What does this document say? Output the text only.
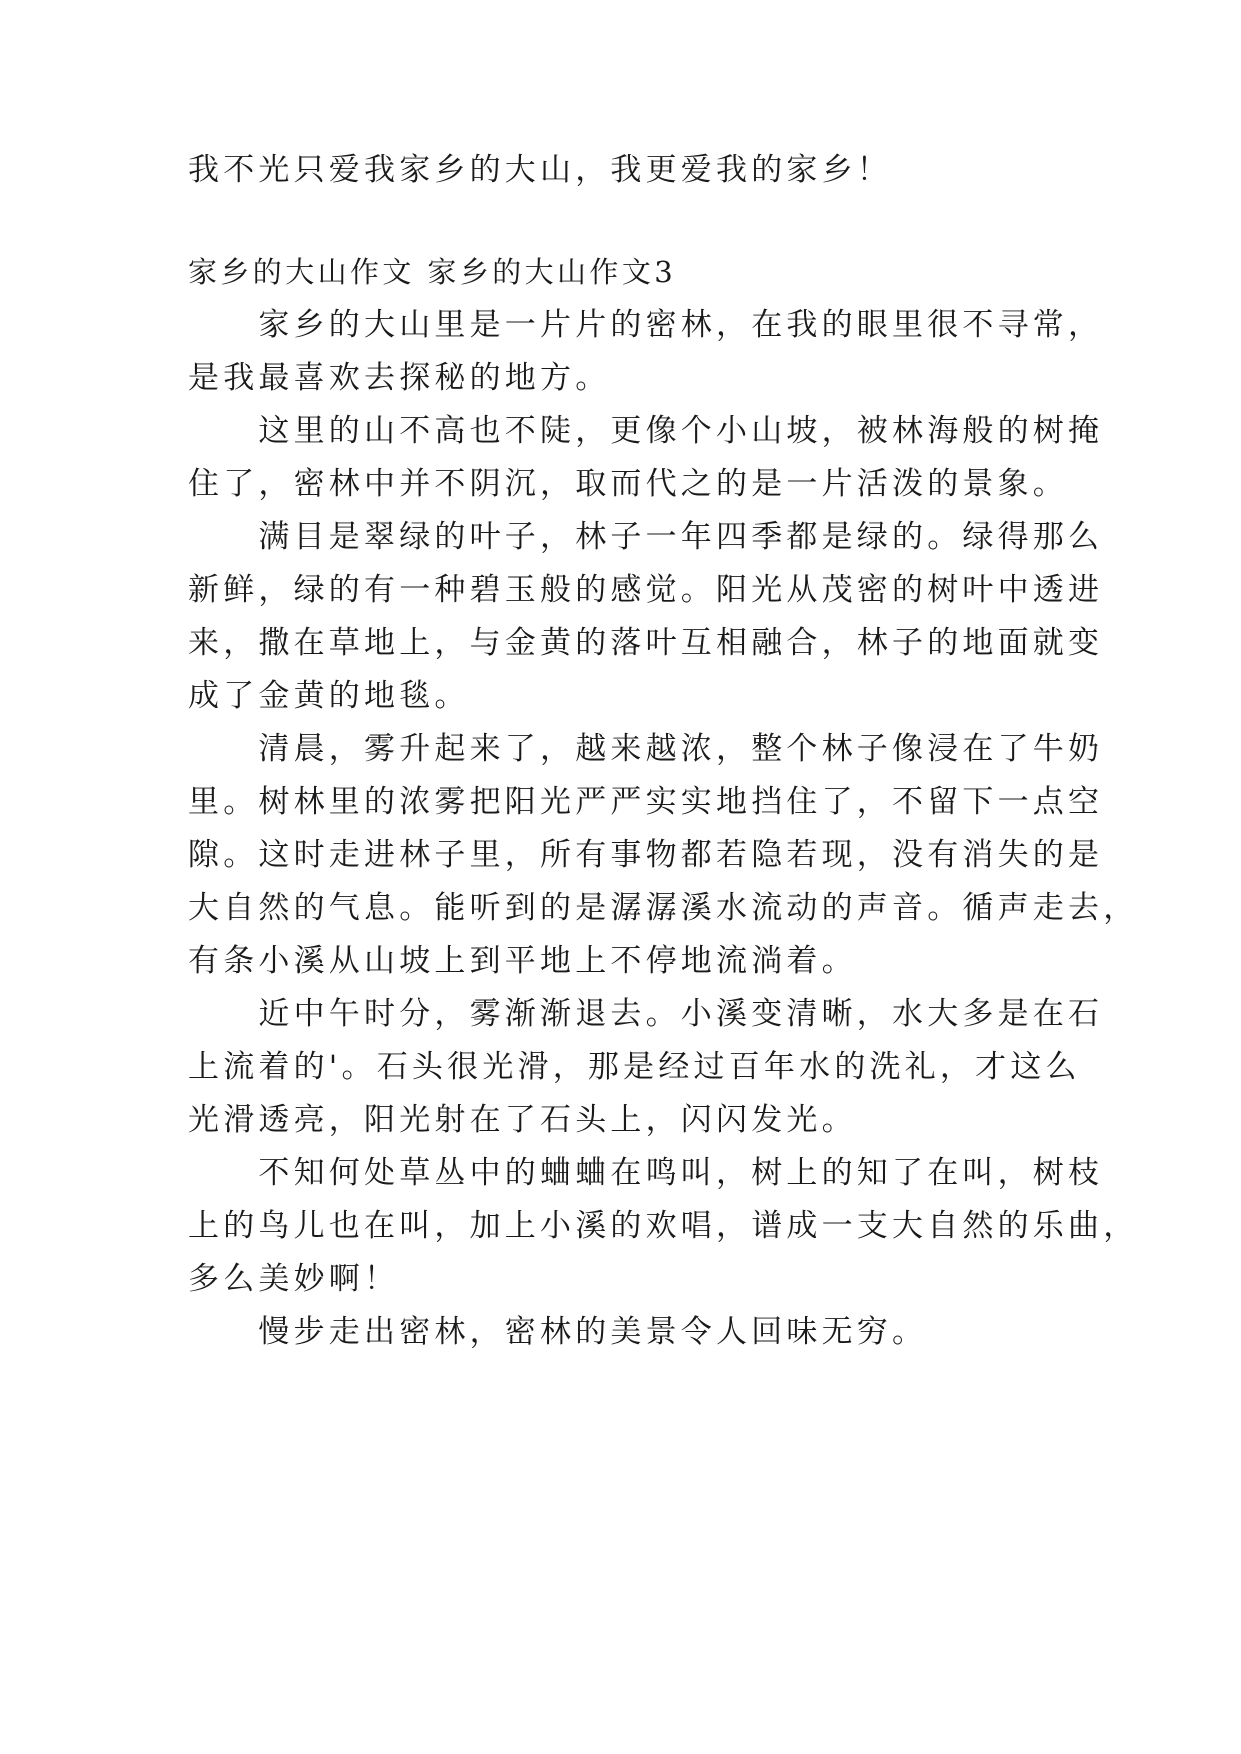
我不光只爱我家乡的大山，我更爱我的家乡！
家乡的大山作文 家乡的大山作文3
　　家乡的大山里是一片片的密林，在我的眼里很不寻常，
是我最喜欢去探秘的地方。
　　这里的山不高也不陡，更像个小山坡，被林海般的树掩
住了，密林中并不阴沉，取而代之的是一片活泼的景象。
　　满目是翠绿的叶子，林子一年四季都是绿的。绿得那么
新鲜，绿的有一种碧玉般的感觉。阳光从茂密的树叶中透进
来，撒在草地上，与金黄的落叶互相融合，林子的地面就变
成了金黄的地毯。
　　清晨，雾升起来了，越来越浓，整个林子像浸在了牛奶
里。树林里的浓雾把阳光严严实实地挡住了，不留下一点空
隙。这时走进林子里，所有事物都若隐若现，没有消失的是
大自然的气息。能听到的是潺潺溪水流动的声音。循声走去，
有条小溪从山坡上到平地上不停地流淌着。
　　近中午时分，雾渐渐退去。小溪变清晰，水大多是在石
上流着的'。石头很光滑，那是经过百年水的洗礼，才这么
光滑透亮，阳光射在了石头上，闪闪发光。
　　不知何处草丛中的蛐蛐在鸣叫，树上的知了在叫，树枝
上的鸟儿也在叫，加上小溪的欢唱，谱成一支大自然的乐曲，
多么美妙啊！
　　慢步走出密林，密林的美景令人回味无穷。
